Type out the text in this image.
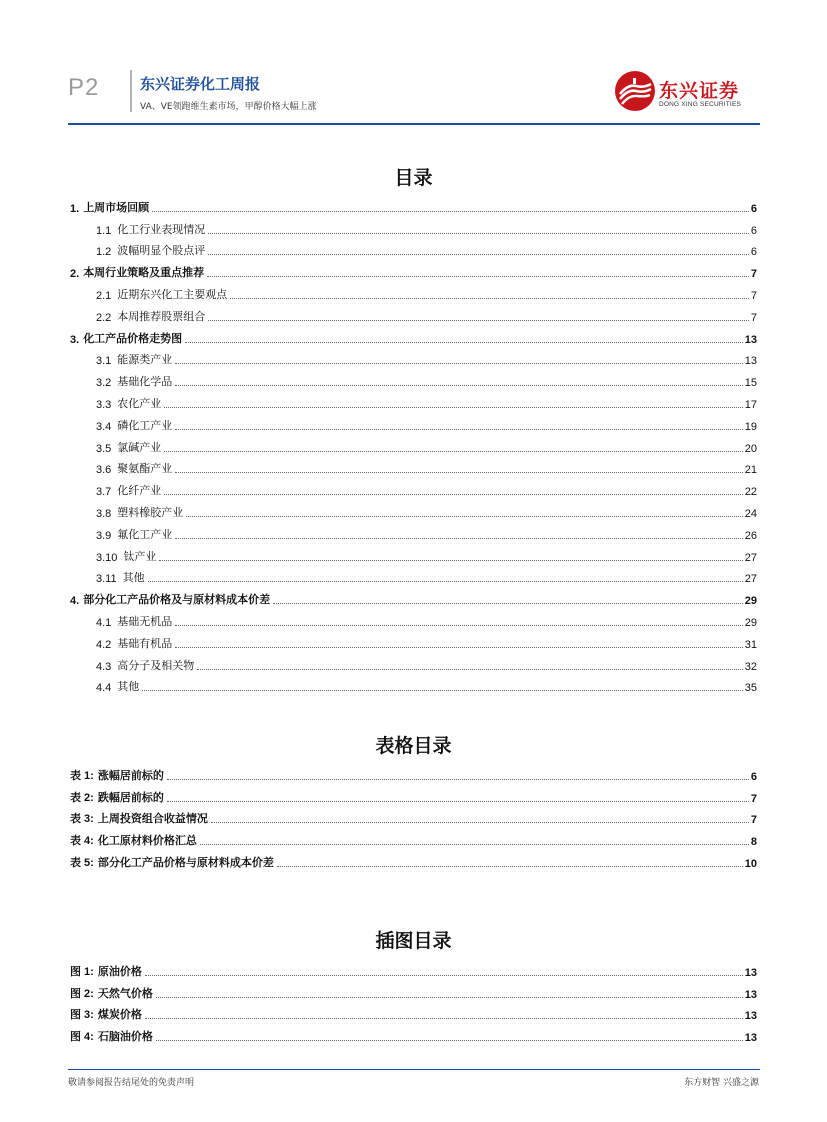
P2	东兴证券化工周报
VA、VE领跑维生素市场，甲醇价格大幅上涨
东兴证券
DONG XING SECURITIES
目录
1. 上周市场回顾	6
1.1 化工行业表现情况	6
1.2 波幅明显个股点评	6
2. 本周行业策略及重点推荐	7
2.1 近期东兴化工主要观点	7
2.2 本周推荐股票组合	7
3. 化工产品价格走势图	13
3.1 能源类产业	13
3.2 基础化学品	15
3.3 农化产业	17
3.4 磷化工产业	19
3.5 氯碱产业	20
3.6 聚氨酯产业	21
3.7 化纤产业	22
3.8 塑料橡胶产业	24
3.9 氟化工产业	26
3.10 钛产业	27
3.11 其他	27
4. 部分化工产品价格及与原材料成本价差	29
4.1 基础无机品	29
4.2 基础有机品	31
4.3 高分子及相关物	32
4.4 其他	35
表格目录
表 1: 涨幅居前标的	6
表 2: 跌幅居前标的	7
表 3: 上周投资组合收益情况	7
表 4: 化工原材料价格汇总	8
表 5: 部分化工产品价格与原材料成本价差	10
插图目录
图 1: 原油价格	13
图 2: 天然气价格	13
图 3: 煤炭价格	13
图 4: 石脑油价格	13
敬请参阅报告结尾处的免责声明	东方财智 兴盛之源
